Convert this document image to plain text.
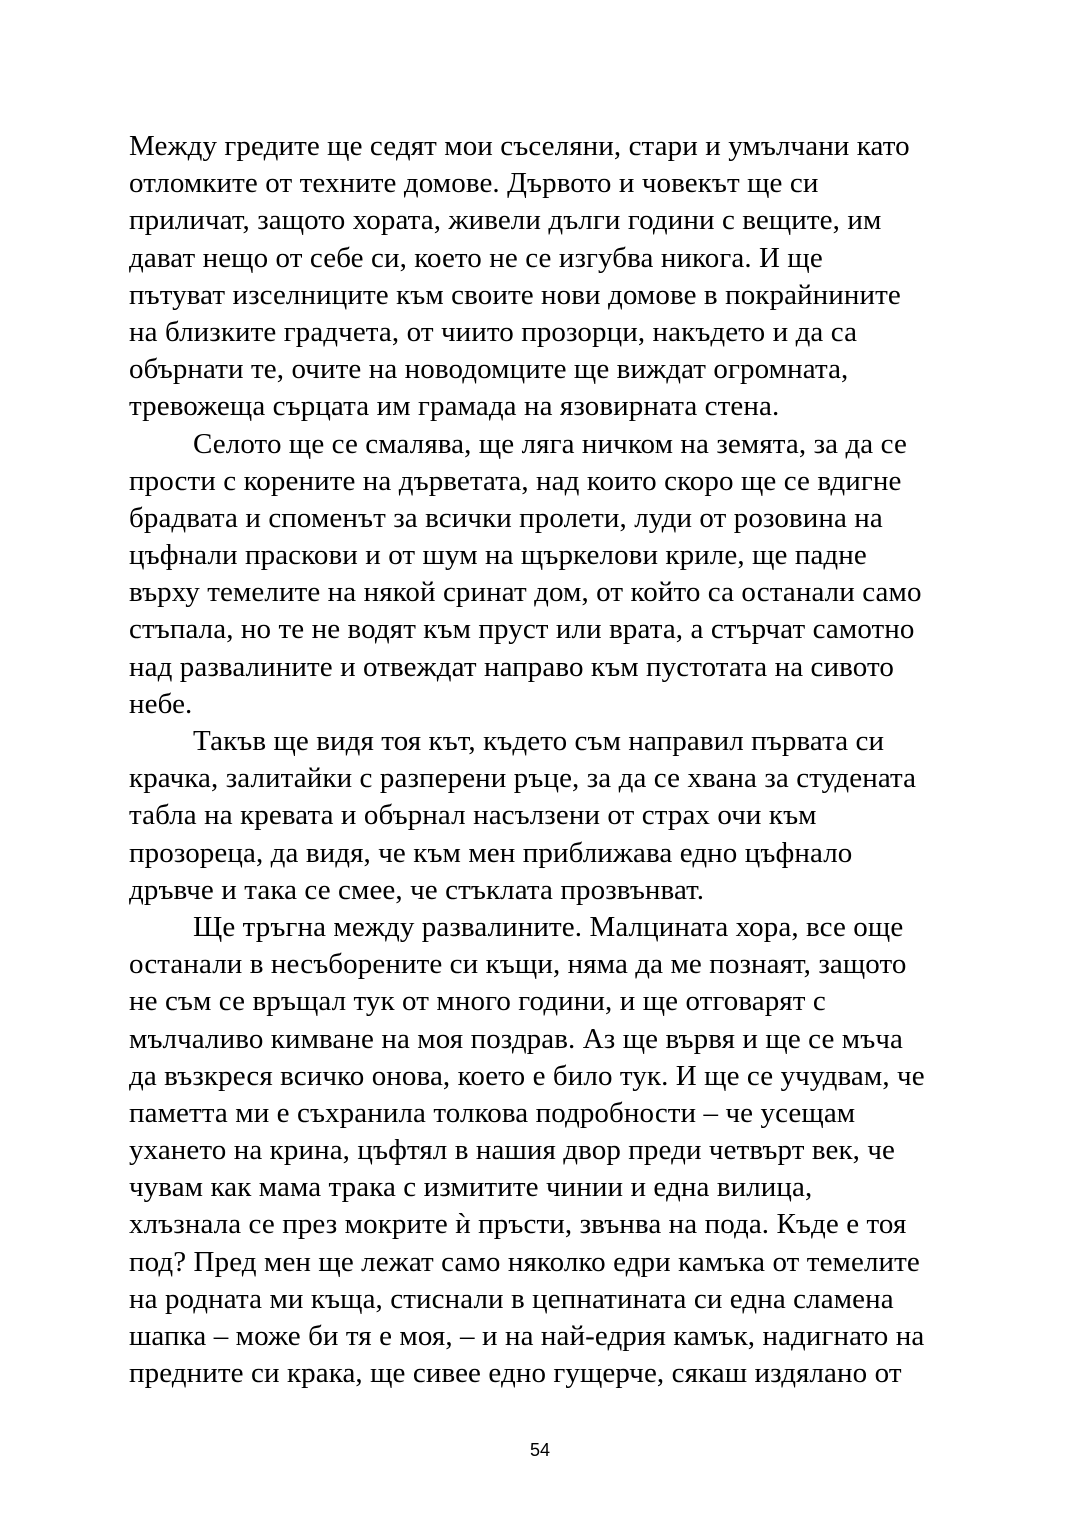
Между гредите ще седят мои съселяни, стари и умълчани като
отломките от техните домове. Дървото и човекът ще си
приличат, защото хората, живели дълги години с вещите, им
дават нещо от себе си, което не се изгубва никога. И ще
пътуват изселниците към своите нови домове в покрайнините
на близките градчета, от чиито прозорци, накъдето и да са
обърнати те, очите на новодомците ще виждат огромната,
тревожеща сърцата им грамада на язовирната стена.
Селото ще се смалява, ще ляга ничком на земята, за да се
прости с корените на дърветата, над които скоро ще се вдигне
брадвата и споменът за всички пролети, луди от розовина на
цъфнали праскови и от шум на щъркелови криле, ще падне
върху темелите на някой сринат дом, от който са останали само
стъпала, но те не водят към пруст или врата, а стърчат самотно
над развалините и отвеждат направо към пустотата на сивото
небе.
Такъв ще видя тоя кът, където съм направил първата си
крачка, залитайки с разперени ръце, за да се хвана за студената
табла на кревата и обърнал насълзени от страх очи към
прозореца, да видя, че към мен приближава едно цъфнало
дръвче и така се смее, че стъклата прозвънват.
Ще тръгна между развалините. Малцината хора, все още
останали в несъборените си къщи, няма да ме познаят, защото
не съм се връщал тук от много години, и ще отговарят с
мълчаливо кимване на моя поздрав. Аз ще вървя и ще се мъча
да възкреся всичко онова, което е било тук. И ще се учудвам, че
паметта ми е съхранила толкова подробности – че усещам
ухането на крина, цъфтял в нашия двор преди четвърт век, че
чувам как мама трака с измитите чинии и една вилица,
хлъзнала се през мокрите ѝ пръсти, звънва на пода. Къде е тоя
под? Пред мен ще лежат само няколко едри камъка от темелите
на родната ми къща, стиснали в цепнатината си една сламена
шапка – може би тя е моя, – и на най-едрия камък, надигнато на
предните си крака, ще сивее едно гущерче, сякаш издялано от
54
